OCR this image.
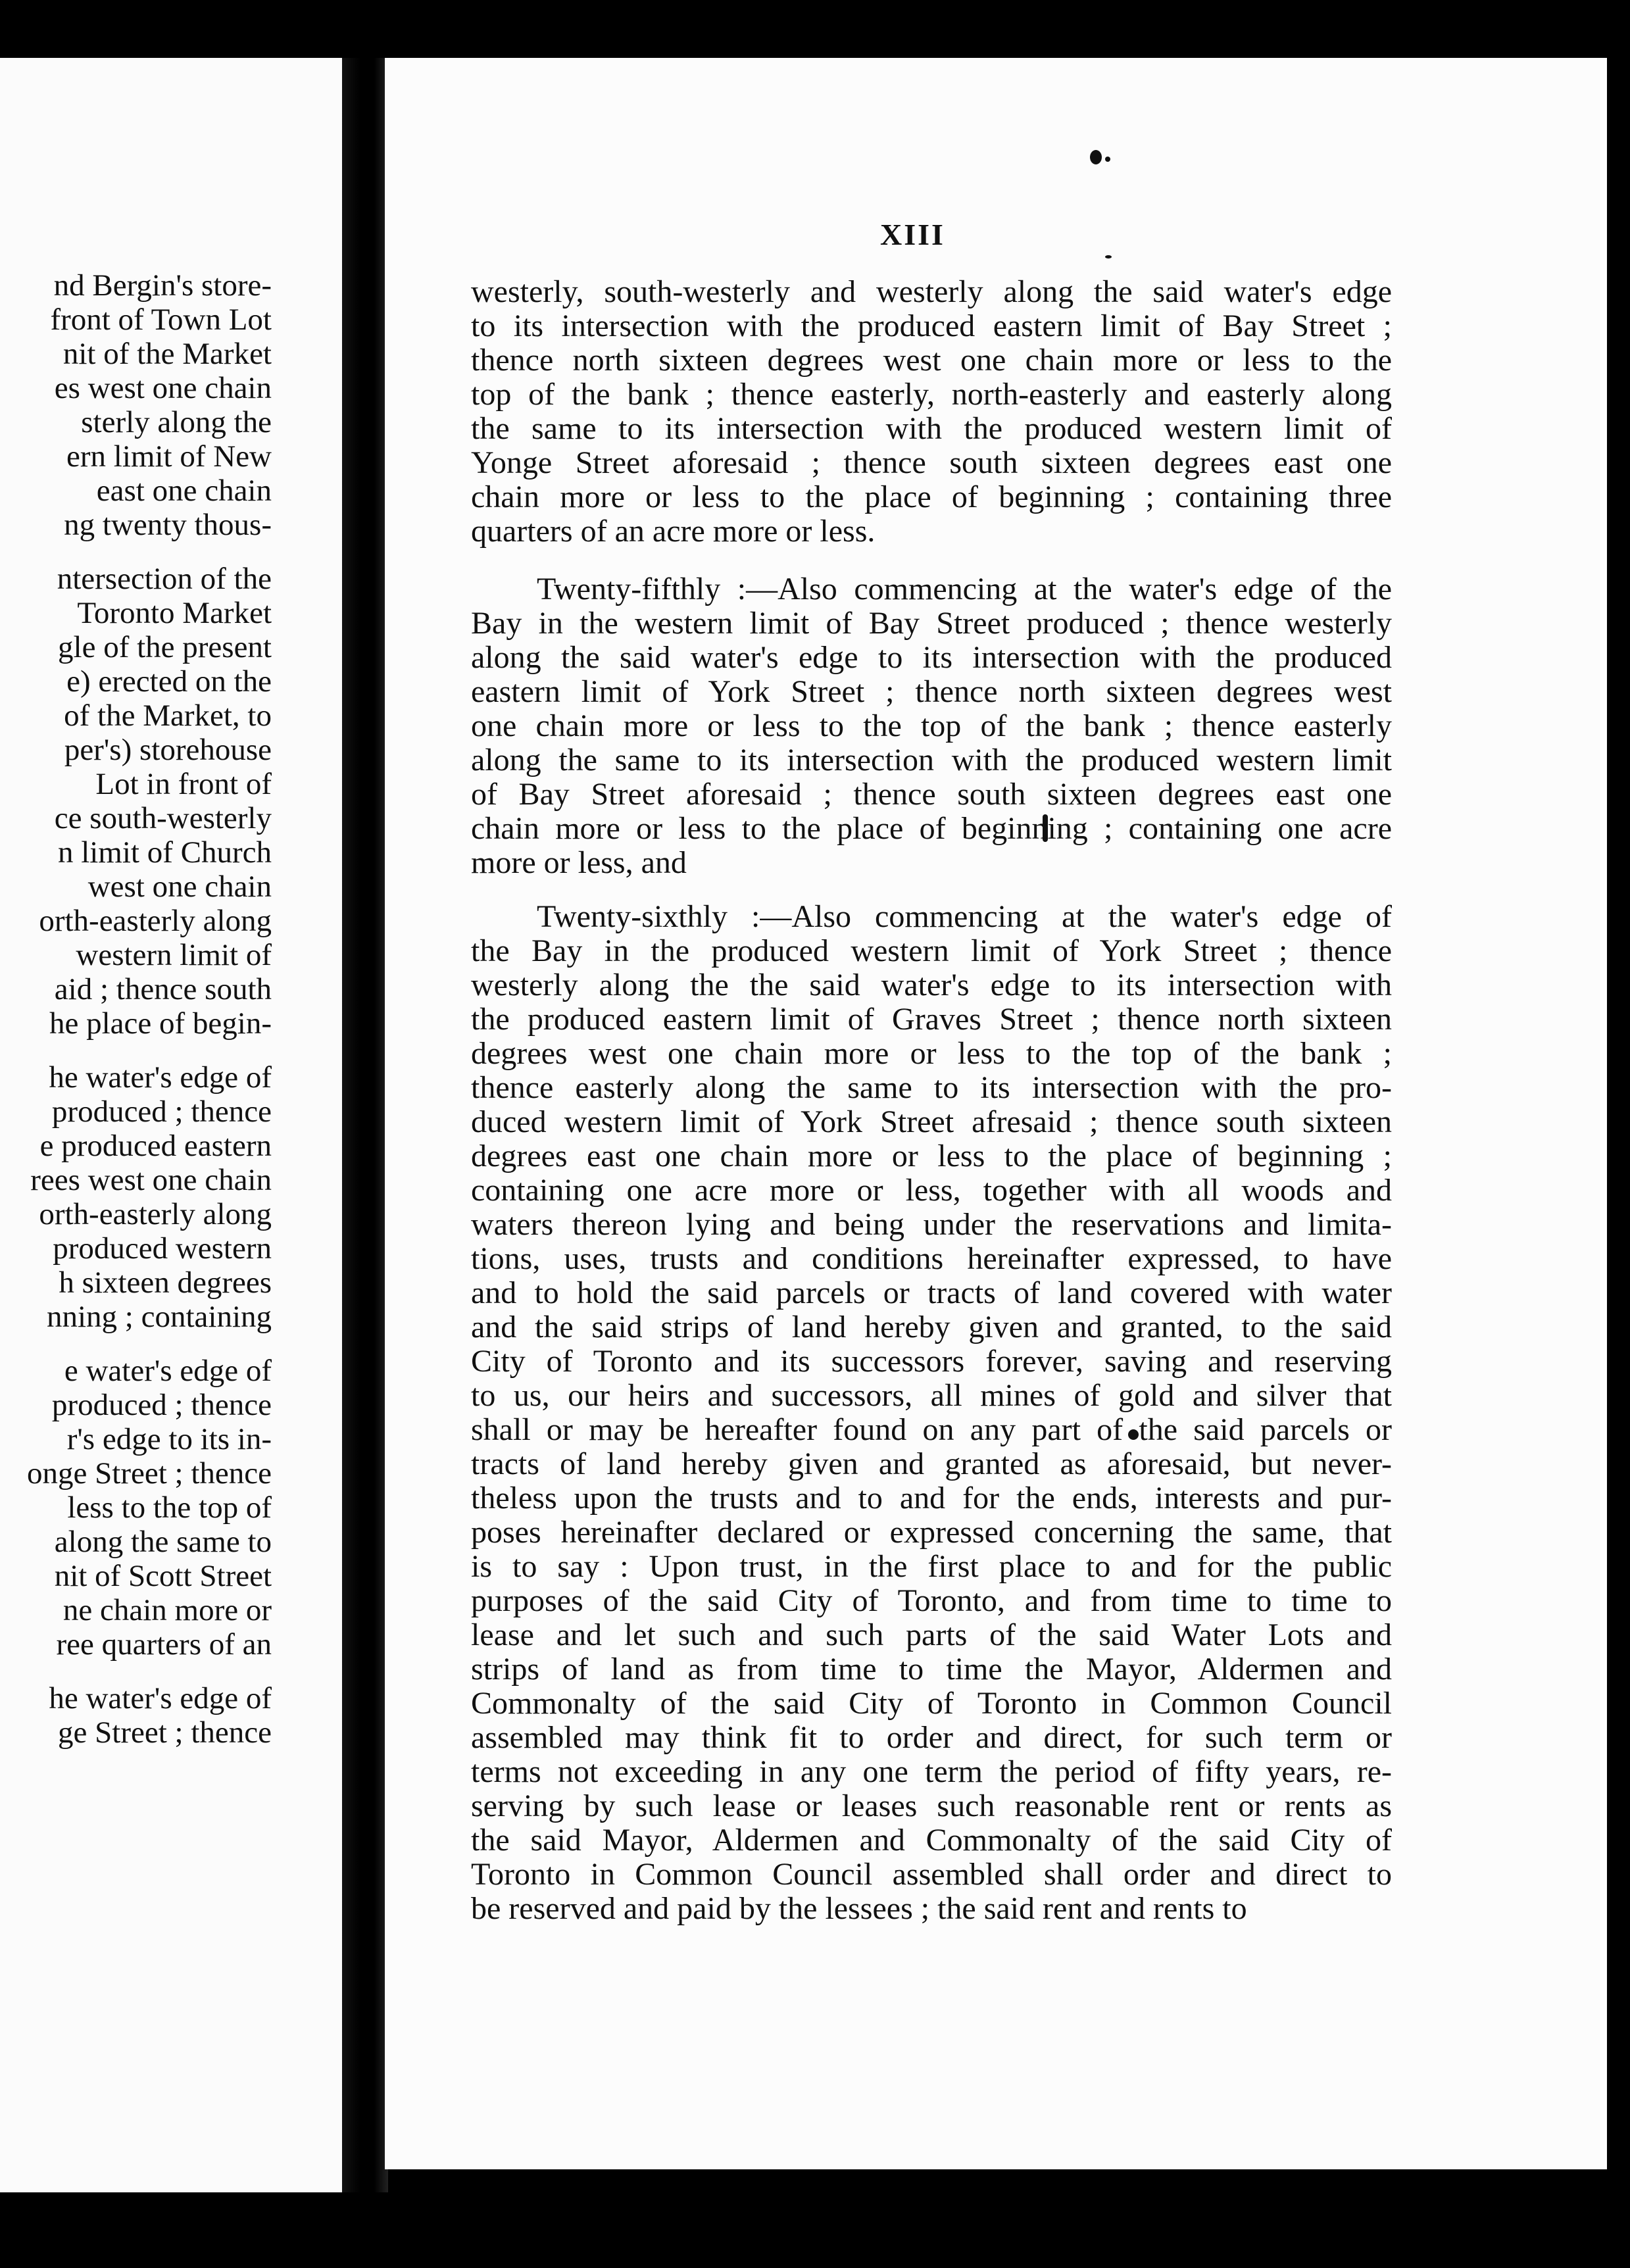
nd Bergin's store-
front of Town Lot
nit of the Market
es west one chain
sterly along the
ern limit of New
east one chain
ng twenty thous-
ntersection of the
Toronto Market
gle of the present
e) erected on the
of the Market, to
per's) storehouse
Lot in front of
ce south-westerly
n limit of Church
west one chain
orth-easterly along
western limit of
aid ; thence south
he place of begin-
he water's edge of
produced ; thence
e produced eastern
rees west one chain
orth-easterly along
produced western
h sixteen degrees
nning ; containing
e water's edge of
produced ; thence
r's edge to its in-
onge Street ; thence
less to the top of
along the same to
nit of Scott Street
ne chain more or
ree quarters of an
he water's edge of
ge Street ; thence
XIII
westerly, south-westerly and westerly along the said water's edge
to its intersection with the produced eastern limit of Bay Street ;
thence north sixteen degrees west one chain more or less to the
top of the bank ; thence easterly, north-easterly and easterly along
the same to its intersection with the produced western limit of
Yonge Street aforesaid ; thence south sixteen degrees east one
chain more or less to the place of beginning ; containing three
quarters of an acre more or less.
Twenty-fifthly :—Also commencing at the water's edge of the
Bay in the western limit of Bay Street produced ; thence westerly
along the said water's edge to its intersection with the produced
eastern limit of York Street ; thence north sixteen degrees west
one chain more or less to the top of the bank ; thence easterly
along the same to its intersection with the produced western limit
of Bay Street aforesaid ; thence south sixteen degrees east one
chain more or less to the place of beginning ; containing one acre
more or less, and
Twenty-sixthly :—Also commencing at the water's edge of
the Bay in the produced western limit of York Street ; thence
westerly along the the said water's edge to its intersection with
the produced eastern limit of Graves Street ; thence north sixteen
degrees west one chain more or less to the top of the bank ;
thence easterly along the same to its intersection with the pro-
duced western limit of York Street afresaid ; thence south sixteen
degrees east one chain more or less to the place of beginning ;
containing one acre more or less, together with all woods and
waters thereon lying and being under the reservations and limita-
tions, uses, trusts and conditions hereinafter expressed, to have
and to hold the said parcels or tracts of land covered with water
and the said strips of land hereby given and granted, to the said
City of Toronto and its successors forever, saving and reserving
to us, our heirs and successors, all mines of gold and silver that
shall or may be hereafter found on any part of the said parcels or
tracts of land hereby given and granted as aforesaid, but never-
theless upon the trusts and to and for the ends, interests and pur-
poses hereinafter declared or expressed concerning the same, that
is to say : Upon trust, in the first place to and for the public
purposes of the said City of Toronto, and from time to time to
lease and let such and such parts of the said Water Lots and
strips of land as from time to time the Mayor, Aldermen and
Commonalty of the said City of Toronto in Common Council
assembled may think fit to order and direct, for such term or
terms not exceeding in any one term the period of fifty years, re-
serving by such lease or leases such reasonable rent or rents as
the said Mayor, Aldermen and Commonalty of the said City of
Toronto in Common Council assembled shall order and direct to
be reserved and paid by the lessees ; the said rent and rents to
